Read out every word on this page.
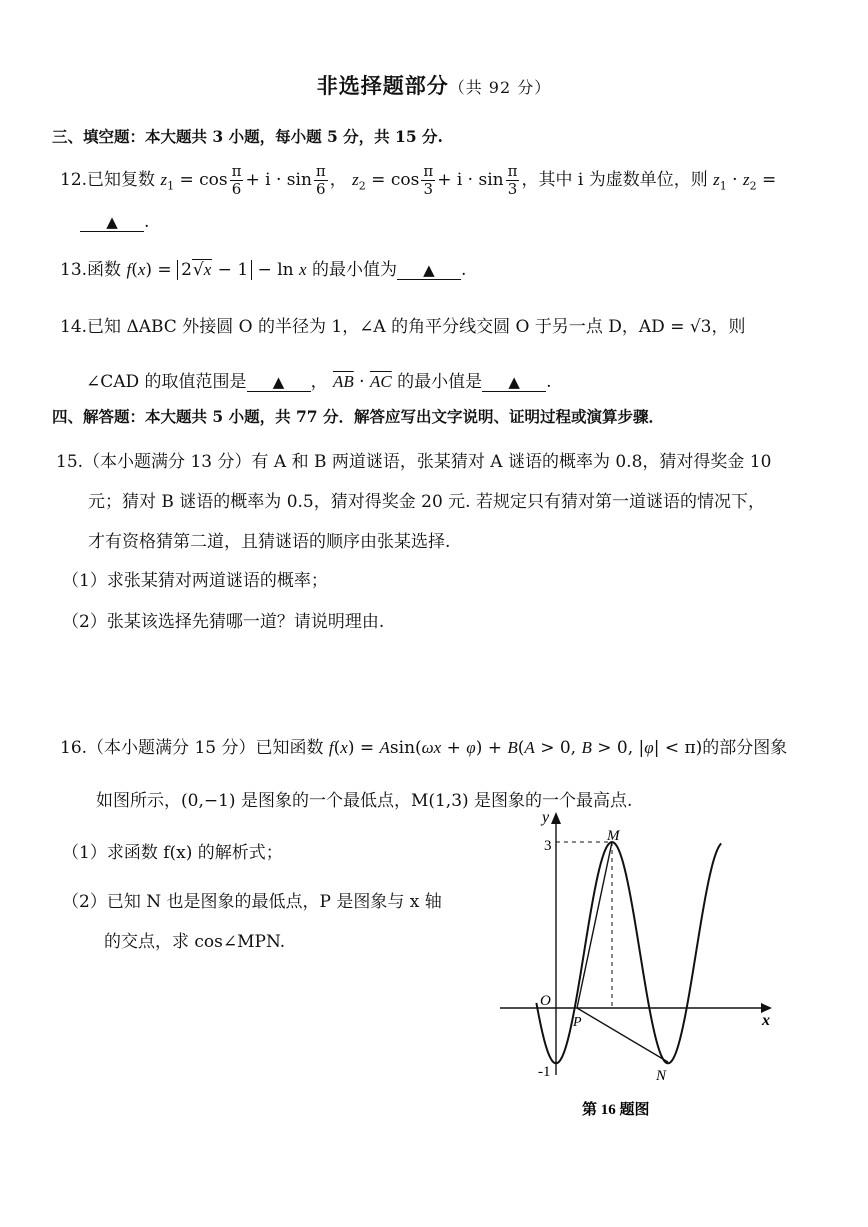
非选择题部分（共 92 分）
三、填空题：本大题共 3 小题，每小题 5 分，共 15 分.
12.已知复数 $z_1 = \cos \frac{\pi}{6} + i \cdot \sin \frac{\pi}{6}$ ， $z_2 = \cos \frac{\pi}{3} + i \cdot \sin \frac{\pi}{3}$ ，其中 i 为虚数单位，则 $z_1 \cdot z_2$ =
▲ .
13.函数 f(x) = 2√x − 1 − ln x 的最小值为 ▲ .
14.已知 ΔABC 外接圆 O 的半径为 1，∠A 的角平分线交圆 O 于另一点 D，AD = √3，则
∠CAD 的取值范围是 ▲ ， $\overline{AB} \cdot \overline{AC}$ 的最小值是 ▲ .
四、解答题：本大题共 5 小题，共 77 分．解答应写出文字说明、证明过程或演算步骤．
15.（本小题满分 13 分）有 A 和 B 两道谜语，张某猜对 A 谜语的概率为 0.8，猜对得奖金 10
元；猜对 B 谜语的概率为 0.5，猜对得奖金 20 元. 若规定只有猜对第一道谜语的情况下，
才有资格猜第二道，且猜谜语的顺序由张某选择.
（1）求张某猜对两道谜语的概率；
（2）张某该选择先猜哪一道？请说明理由.
16.（本小题满分 15 分）已知函数 f(x) = Asin(ωx + φ) + B(A > 0, B > 0, |φ| < π)的部分图象
如图所示，(0,−1) 是图象的一个最低点，M(1,3) 是图象的一个最高点.
（1）求函数 f(x) 的解析式；
（2）已知 N 也是图象的最低点，P 是图象与 x 轴
的交点，求 cos∠MPN.
y
x
O
3
-1
M
P
N
第 16 题图
